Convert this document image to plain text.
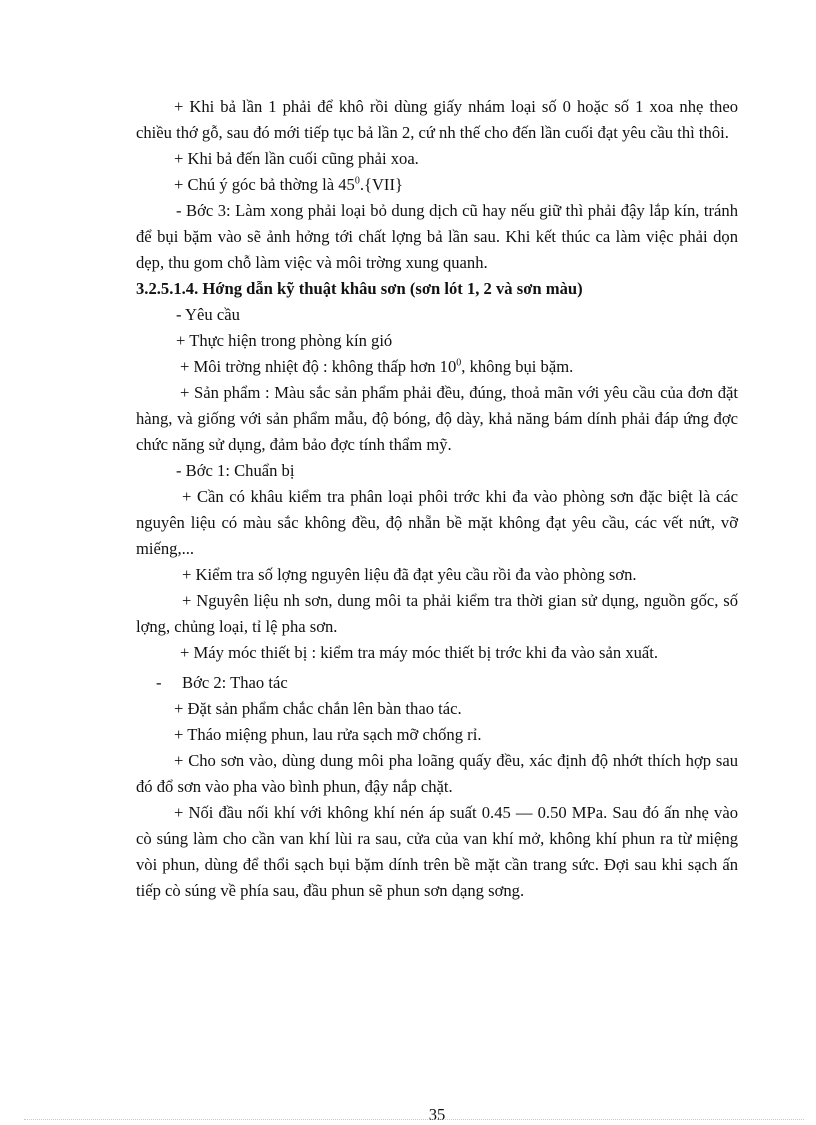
+ Khi bả lần 1 phải để khô rồi dùng giấy nhám loại số 0 hoặc số 1 xoa nhẹ theo chiều thớ gỗ, sau đó mới tiếp tục bả lần 2, cứ nh thế cho đến lần cuối đạt yêu cầu thì thôi.

+ Khi bả đến lần cuối cũng phải xoa.

+ Chú ý góc bả thờng là $45^0.\{VII\}$

- Bớc 3: Làm xong phải loại bỏ dung dịch cũ hay nếu giữ thì phải đậy lắp kín, tránh để bụi bặm vào sẽ ảnh hởng tới chất lợng bả lần sau. Khi kết thúc ca làm việc phải dọn dẹp, thu gom chỗ làm việc và môi trờng xung quanh.

3.2.5.1.4. Hớng dẫn kỹ thuật khâu sơn (sơn lót 1, 2 và sơn màu)

- Yêu cầu

+ Thực hiện trong phòng kín gió

+ Môi trờng nhiệt độ : không thấp hơn $10^0$, không bụi bặm.

+ Sản phẩm : Màu sắc sản phẩm phải đều, đúng, thoả mãn với yêu cầu của đơn đặt hàng, và giống với sản phẩm mẫu, độ bóng, độ dày, khả năng bám dính phải đáp ứng đợc chức năng sử dụng, đảm bảo đợc tính thẩm mỹ.

- Bớc 1: Chuẩn bị

+ Cần có khâu kiểm tra phân loại phôi trớc khi đa vào phòng sơn đặc biệt là các nguyên liệu có màu sắc không đều, độ nhẵn bề mặt không đạt yêu cầu, các vết nứt, vỡ miếng,...

+ Kiểm tra số lợng nguyên liệu đã đạt yêu cầu rồi đa vào phòng sơn.

+ Nguyên liệu nh sơn, dung môi ta phải kiểm tra thời gian sử dụng, nguồn gốc, số lợng, chủng loại, tỉ lệ pha sơn.

+ Máy móc thiết bị : kiểm tra máy móc thiết bị trớc khi đa vào sản xuất.

- Bớc 2: Thao tác

+ Đặt sản phẩm chắc chắn lên bàn thao tác.

+ Tháo miệng phun, lau rửa sạch mỡ chống rỉ.

+ Cho sơn vào, dùng dung môi pha loãng quấy đều, xác định độ nhớt thích hợp sau đó đổ sơn vào pha vào bình phun, đậy nắp chặt.

+ Nối đầu nối khí với không khí nén áp suất 0.45 — 0.50 MPa. Sau đó ấn nhẹ vào cò súng làm cho cần van khí lùi ra sau, cửa của van khí mở, không khí phun ra từ miệng vòi phun, dùng để thổi sạch bụi bặm dính trên bề mặt cần trang sức. Đợi sau khi sạch ấn tiếp cò súng về phía sau, đầu phun sẽ phun sơn dạng sơng.

35
